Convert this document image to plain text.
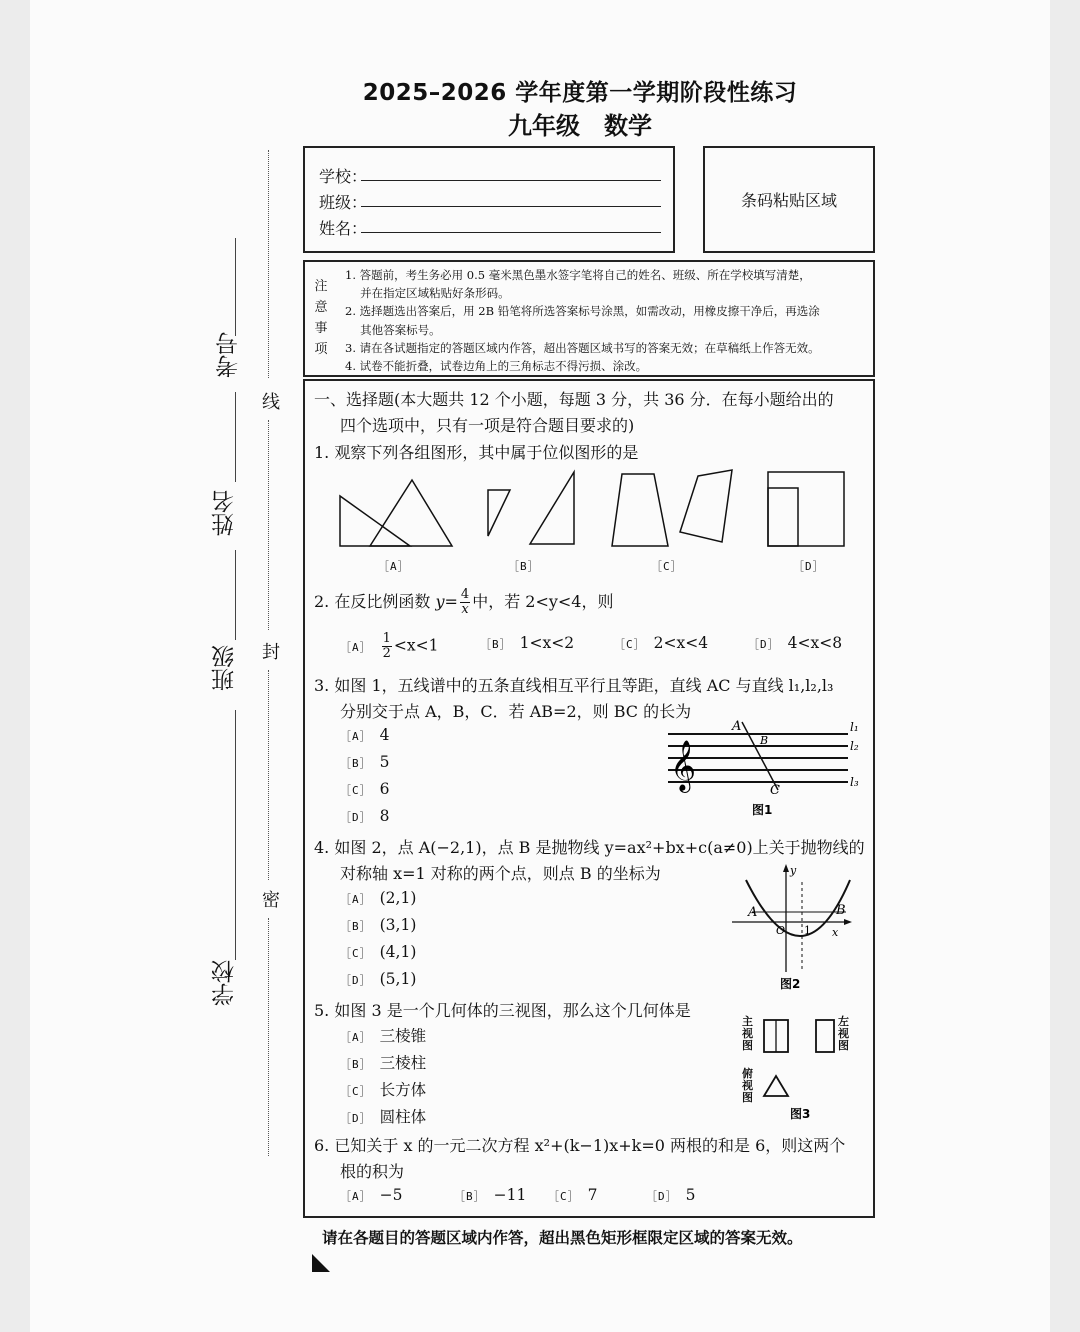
2025–2026 学年度第一学期阶段性练习
九年级　数学
考号
姓名
班级
学校
线
封
密
学校：
班级：
姓名：
条码粘贴区域
注
意
事
项
1. 答题前，考生务必用 0.5 毫米黑色墨水签字笔将自己的姓名、班级、所在学校填写清楚，
　 并在指定区域粘贴好条形码。
2. 选择题选出答案后，用 2B 铅笔将所选答案标号涂黑，如需改动，用橡皮擦干净后，再选涂
　 其他答案标号。
3. 请在各试题指定的答题区域内作答，超出答题区域书写的答案无效；在草稿纸上作答无效。
4. 试卷不能折叠，试卷边角上的三角标志不得污损、涂改。
一、选择题(本大题共 12 个小题，每题 3 分，共 36 分．在每小题给出的
四个选项中，只有一项是符合题目要求的)
1. 观察下列各组图形，其中属于位似图形的是
［A］	［B］	［C］	［D］
2. 在反比例函数 $y= \frac{4}{x}$ 中，若 2<y<4，则
［A］ $\frac{1}{2} <x<1$	［B］ 1<x<2	［C］ 2<x<4	［D］ 4<x<8
3. 如图 1，五线谱中的五条直线相互平行且等距，直线 AC 与直线 l₁,l₂,l₃
分别交于点 A，B，C．若 AB=2，则 BC 的长为
［A］ 4
［B］ 5
［C］ 6
［D］ 8
𝄞
A
B
C
l₁
l₂
l₃
图1
4. 如图 2，点 A(−2,1)，点 B 是抛物线 y=ax²+bx+c(a≠0)上关于抛物线的
对称轴 x=1 对称的两个点，则点 B 的坐标为
［A］ (2,1)
［B］ (3,1)
［C］ (4,1)
［D］ (5,1)
A	B
O 1 x
y
图2
5. 如图 3 是一个几何体的三视图，那么这个几何体是
［A］ 三棱锥
［B］ 三棱柱
［C］ 长方体
［D］ 圆柱体	图3
主视图
左视图
俯视图
6. 已知关于 x 的一元二次方程 x²+(k−1)x+k=0 两根的和是 6，则这两个
根的积为
［A］ −5	［B］ −11 ［C］ 7	［D］ 5
请在各题目的答题区域内作答，超出黑色矩形框限定区域的答案无效。
